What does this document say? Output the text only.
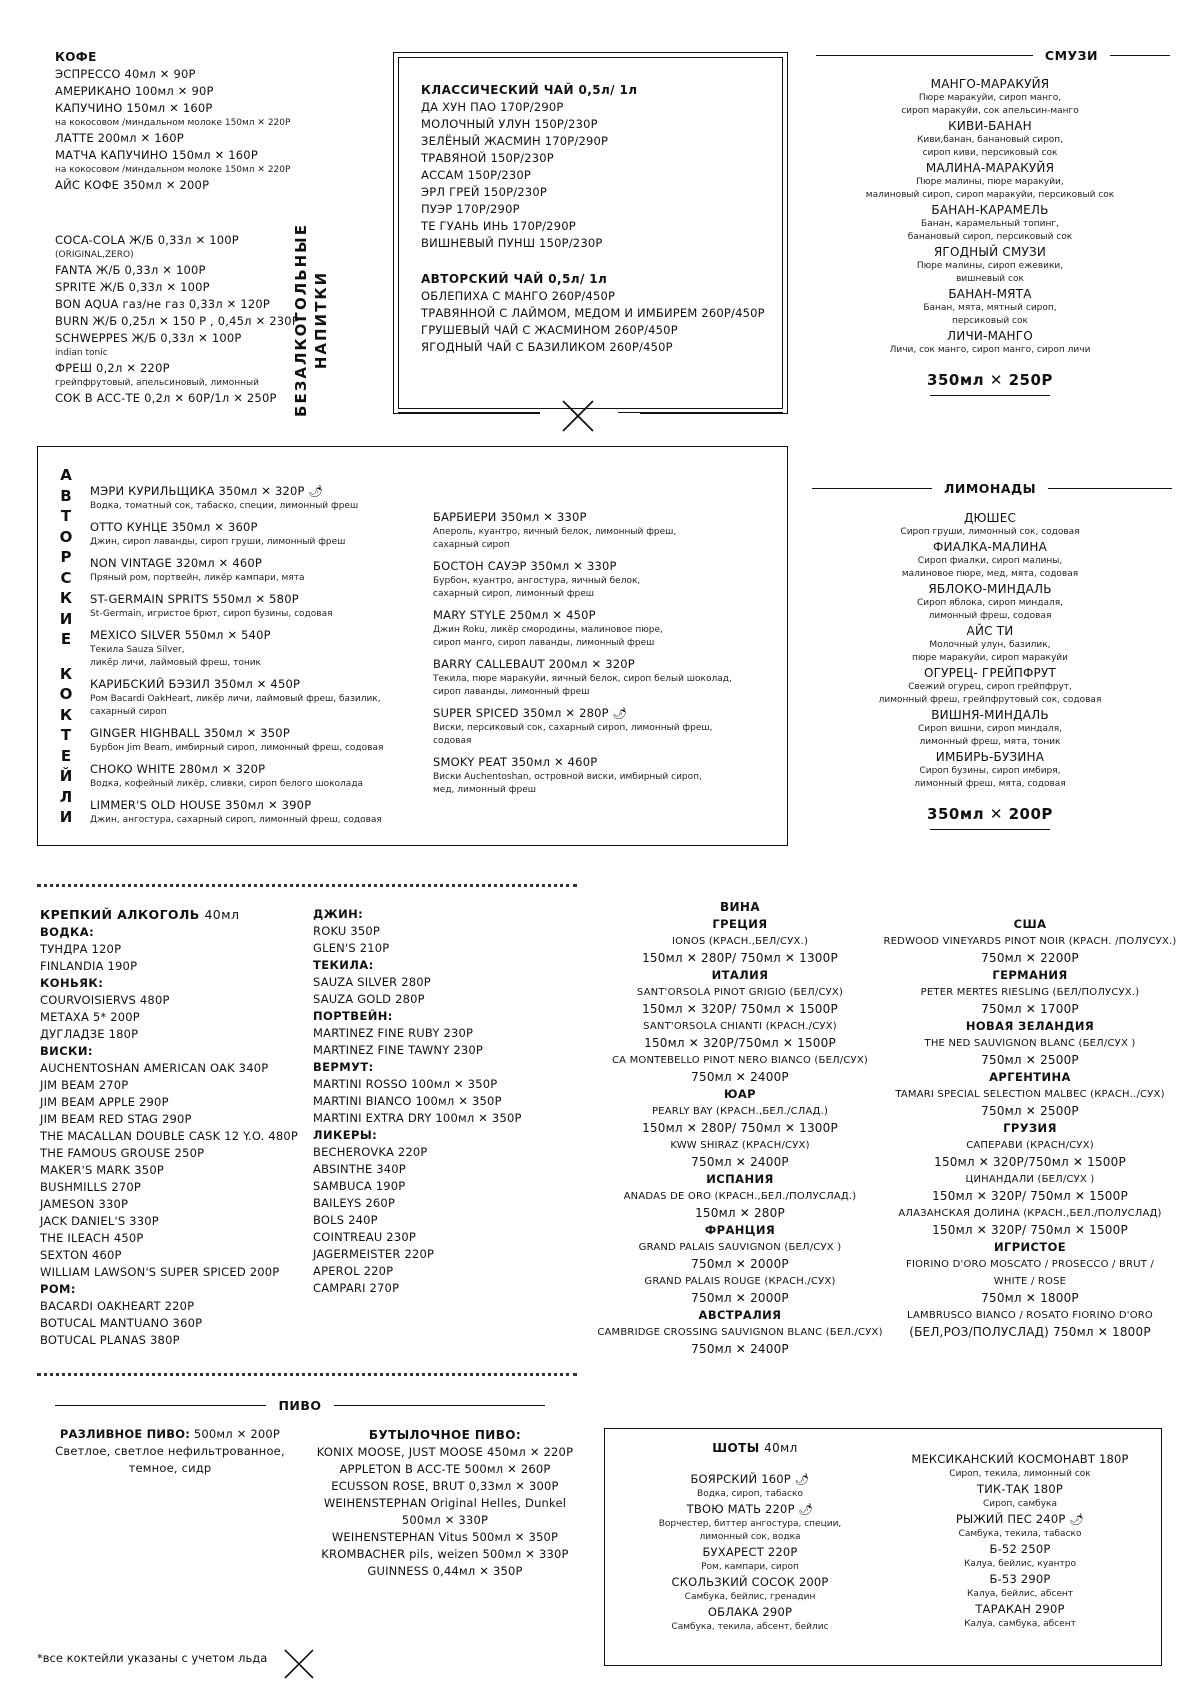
КОФЕ
ЭСПРЕССО 40мл ✕ 90Р
АМЕРИКАНО 100мл ✕ 90Р
КАПУЧИНО 150мл ✕ 160Р
на кокосовом /миндальном молоке 150мл ✕ 220Р
ЛАТТЕ 200мл ✕ 160Р
МАТЧА КАПУЧИНО 150мл ✕ 160Р
на кокосовом /миндальном молоке 150мл ✕ 220Р
АЙС КОФЕ 350мл ✕ 200Р
COCA-COLA Ж/Б 0,33л ✕ 100Р
(ORIGINAL,ZERO)
FANTA Ж/Б 0,33л ✕ 100Р
SPRITE Ж/Б 0,33л ✕ 100Р
BON AQUA газ/не газ 0,33л ✕ 120Р
BURN Ж/Б 0,25л ✕ 150 Р , 0,45л ✕ 230Р
SCHWEPPES Ж/Б 0,33л ✕ 100Р
indian tonic
ФРЕШ 0,2л ✕ 220Р
грейпфрутовый, апельсиновый, лимонный
СОК В АСС-ТЕ 0,2л ✕ 60Р/1л ✕ 250Р	БЕЗАЛКОГОЛЬНЫЕ НАПИТКИ
КЛАССИЧЕСКИЙ ЧАЙ 0,5л/ 1л
ДА ХУН ПАО 170Р/290Р
МОЛОЧНЫЙ УЛУН 150Р/230Р
ЗЕЛЁНЫЙ ЖАСМИН 170Р/290Р
ТРАВЯНОЙ 150Р/230Р
АССАМ 150Р/230Р
ЭРЛ ГРЕЙ 150Р/230Р
ПУЭР 170Р/290Р
ТЕ ГУАНЬ ИНЬ 170Р/290Р
ВИШНЕВЫЙ ПУНШ 150Р/230Р
АВТОРСКИЙ ЧАЙ 0,5л/ 1л
ОБЛЕПИХА С МАНГО 260Р/450Р
ТРАВЯННОЙ С ЛАЙМОМ, МЕДОМ И ИМБИРЕМ 260Р/450Р
ГРУШЕВЫЙ ЧАЙ С ЖАСМИНОМ 260Р/450Р
ЯГОДНЫЙ ЧАЙ С БАЗИЛИКОМ 260Р/450Р
СМУЗИ
МАНГО-МАРАКУЙЯ
Пюре маракуйи, сироп манго,
сироп маракуйи, сок апельсин-манго
КИВИ-БАНАН
Киви,банан, банановый сироп,
сироп киви, персиковый сок
МАЛИНА-МАРАКУЙЯ
Пюре малины, пюре маракуйи,
малиновый сироп, сироп маракуйи, персиковый сок
БАНАН-КАРАМЕЛЬ
Банан, карамельный топинг,
банановый сироп, персиковый сок
ЯГОДНЫЙ СМУЗИ
Пюре малины, сироп ежевики,
вишневый сок
БАНАН-МЯТА
Банан, мята, мятный сироп,
персиковый сок
ЛИЧИ-МАНГО
Личи, сок манго, сироп манго, сироп личи
350мл ✕ 250Р
А
В
Т
О
Р
С
К
И
Е
К
О
К
Т
Е
Й
Л
И
МЭРИ КУРИЛЬЩИКА 350мл ✕ 320Р 🌶
Водка, томатный сок, табаско, специи, лимонный фреш
OTTO КУНЦЕ 350мл ✕ 360Р
Джин, сироп лаванды, сироп груши, лимонный фреш
NON VINTAGE 320мл ✕ 460Р
Пряный ром, портвейн, ликёр кампари, мята
ST-GERMAIN SPRITS 550мл ✕ 580Р
St-Germain, игристое брют, сироп бузины, содовая
MEXICO SILVER 550мл ✕ 540Р
Текила Sauza Silver,
ликёр личи, лаймовый фреш, тоник
КАРИБСКИЙ БЭЗИЛ 350мл ✕ 450Р
Ром Bacardi OakHeart, ликёр личи, лаймовый фреш, базилик,
сахарный сироп
GINGER HIGHBALL 350мл ✕ 350Р
Бурбон Jim Beam, имбирный сироп, лимонный фреш, содовая
CHOKO WHITE 280мл ✕ 320Р
Водка, кофейный ликёр, сливки, сироп белого шоколада
LIMMER'S OLD HOUSE 350мл ✕ 390Р
Джин, ангостура, сахарный сироп, лимонный фреш, содовая
БАРБИЕРИ 350мл ✕ 330Р
Апероль, куантро, яичный белок, лимонный фреш,
сахарный сироп
БОСТОН САУЭР 350мл ✕ 330Р
Бурбон, куантро, ангостура, яичный белок,
сахарный сироп, лимонный фреш
MARY STYLE 250мл ✕ 450Р
Джин Roku, ликёр смородины, малиновое пюре,
сироп манго, сироп лаванды, лимонный фреш
BARRY CALLEBAUT 200мл ✕ 320Р
Текила, пюре маракуйи, яичный белок, сироп белый шоколад,
сироп лаванды, лимонный фреш
SUPER SPICED 350мл ✕ 280Р 🌶
Виски, персиковый сок, сахарный сироп, лимонный фреш,
содовая
SMOKY PEAT 350мл ✕ 460Р
Виски Auchentoshan, островной виски, имбирный сироп,
мед, лимонный фреш
ЛИМОНАДЫ
ДЮШЕС
Сироп груши, лимонный сок, содовая
ФИАЛКА-МАЛИНА
Сироп фиалки, сироп малины,
малиновое пюре, мед, мята, содовая
ЯБЛОКО-МИНДАЛЬ
Сироп яблока, сироп миндаля,
лимонный фреш, содовая
АЙС ТИ
Молочный улун, базилик,
пюре маракуйи, сироп маракуйи
ОГУРЕЦ- ГРЕЙПФРУТ
Свежий огурец, сироп грейпфрут,
лимонный фреш, грейпфрутовый сок, содовая
ВИШНЯ-МИНДАЛЬ
Сироп вишни, сироп миндаля,
лимонный фреш, мята, тоник
ИМБИРЬ-БУЗИНА
Сироп бузины, сироп имбиря,
лимонный фреш, мята, содовая
350мл ✕ 200Р
КРЕПКИЙ АЛКОГОЛЬ 40мл
ВОДКА:
ТУНДРА 120Р
FINLANDIA 190Р
КОНЬЯК:
COURVOISIERVS 480Р
МЕТАХА 5* 200Р
ДУГЛАДЗЕ 180Р
ВИСКИ:
AUCHENTOSHAN AMERICAN OAK 340Р
JIM BEAM 270Р
JIM BEAM APPLE 290Р
JIM BEAM RED STAG 290Р
THE MACALLAN DOUBLE CASK 12 Y.O. 480Р
THE FAMOUS GROUSE 250Р
MAKER'S MARK 350Р
BUSHMILLS 270Р
JAMESON 330Р
JACK DANIEL'S 330Р
THE ILEACH 450Р
SEXTON 460Р
WILLIAM LAWSON'S SUPER SPICED 200Р
РОМ:
BACARDI OAKHEART 220Р
BOTUCAL MANTUANO 360Р
BOTUCAL PLANAS 380Р
ДЖИН:
ROKU 350Р
GLEN'S 210Р
ТЕКИЛА:
SAUZA SILVER 280Р
SAUZA GOLD 280Р
ПОРТВЕЙН:
MARTINEZ FINE RUBY 230Р
MARTINEZ FINE TAWNY 230Р
ВЕРМУТ:
MARTINI ROSSO 100мл ✕ 350Р
MARTINI BIANCO 100мл ✕ 350Р
MARTINI EXTRA DRY 100мл ✕ 350Р
ЛИКЕРЫ:
BECHEROVKA 220Р
ABSINTHE 340Р
SAMBUCA 190Р
BAILEYS 260Р
BOLS 240Р
COINTREAU 230Р
JAGERMEISTER 220Р
APEROL 220Р
CAMPARI 270Р
ВИНА
ГРЕЦИЯ
IONOS (КРАСН.,БЕЛ/СУХ.)
150мл ✕ 280Р/ 750мл ✕ 1300Р
ИТАЛИЯ
SANT'ORSOLA PINOT GRIGIO (БЕЛ/СУХ)
150мл ✕ 320Р/ 750мл ✕ 1500Р
SANT'ORSOLA CHIANTI (КРАСН./СУХ)
150мл ✕ 320Р/750мл ✕ 1500Р
CA MONTEBELLO PINOT NERO BIANCO (БЕЛ/СУХ)
750мл ✕ 2400Р
ЮАР
PEARLY BAY (КРАСН.,БЕЛ./СЛАД.)
150мл ✕ 280Р/ 750мл ✕ 1300Р
KWW SHIRAZ (КРАСН/СУХ)
750мл ✕ 2400Р
ИСПАНИЯ
ANADAS DE ORO (КРАСН.,БЕЛ./ПОЛУСЛАД.)
150мл ✕ 280Р
ФРАНЦИЯ
GRAND PALAIS SAUVIGNON (БЕЛ/СУХ )
750мл ✕ 2000Р
GRAND PALAIS ROUGE (КРАСН./СУХ)
750мл ✕ 2000Р
АВСТРАЛИЯ
CAMBRIDGE CROSSING SAUVIGNON BLANC (БЕЛ./СУХ)
750мл ✕ 2400Р
США
REDWOOD VINEYARDS PINOT NOIR (КРАСН. /ПОЛУСУХ.)
750мл ✕ 2200Р
ГЕРМАНИЯ
PETER MERTES RIESLING (БЕЛ/ПОЛУСУХ.)
750мл ✕ 1700Р
НОВАЯ ЗЕЛАНДИЯ
THE NED SAUVIGNON BLANC (БЕЛ/СУХ )
750мл ✕ 2500Р
АРГЕНТИНА
TAMARI SPECIAL SELECTION MALBEC (КРАСН../СУХ)
750мл ✕ 2500Р
ГРУЗИЯ
САПЕРАВИ (КРАСН/СУХ)
150мл ✕ 320Р/750мл ✕ 1500Р
ЦИНАНДАЛИ (БЕЛ/СУХ )
150мл ✕ 320Р/ 750мл ✕ 1500Р
АЛАЗАНСКАЯ ДОЛИНА (КРАСН.,БЕЛ./ПОЛУСЛАД)
150мл ✕ 320Р/ 750мл ✕ 1500Р
ИГРИСТОЕ
FIORINO D'ORO MOSCATO / PROSECCO / BRUT /
WHITE / ROSE
750мл ✕ 1800Р
LAMBRUSCO BIANCO / ROSATO FIORINO D'ORO
(БЕЛ,РОЗ/ПОЛУСЛАД) 750мл ✕ 1800Р
ПИВО
РАЗЛИВНОЕ ПИВО: 500мл ✕ 200Р
Светлое, светлое нефильтрованное,
темное, сидр
БУТЫЛОЧНОЕ ПИВО:
KONIX MOOSE, JUST MOOSE 450мл ✕ 220Р
APPLETON В АСС-ТЕ 500мл ✕ 260Р
ECUSSON ROSE, BRUT 0,33мл ✕ 300Р
WEIHENSTEPHAN Original Helles, Dunkel
500мл ✕ 330Р
WEIHENSTEPHAN Vitus 500мл ✕ 350Р
KROMBACHER pils, weizen 500мл ✕ 330Р
GUINNESS 0,44мл ✕ 350Р
ШОТЫ 40мл
БОЯРСКИЙ 160Р 🌶
Водка, сироп, табаско
ТВОЮ МАТЬ 220Р 🌶
Ворчестер, биттер ангостура, специи,
лимонный сок, водка
БУХАРЕСТ 220Р
Ром, кампари, сироп
СКОЛЬЗКИЙ СОСОК 200Р
Самбука, бейлис, гренадин
ОБЛАКА 290Р
Самбука, текила, абсент, бейлис
МЕКСИКАНСКИЙ КОСМОНАВТ 180Р
Сироп, текила, лимонный сок
ТИК-ТАК 180Р
Сироп, самбука
РЫЖИЙ ПЕС 240Р 🌶
Самбука, текила, табаско
Б-52 250Р
Калуа, бейлис, куантро
Б-53 290Р
Калуа, бейлис, абсент
ТАРАКАН 290Р
Калуа, самбука, абсент
*все коктейли указаны с учетом льда
